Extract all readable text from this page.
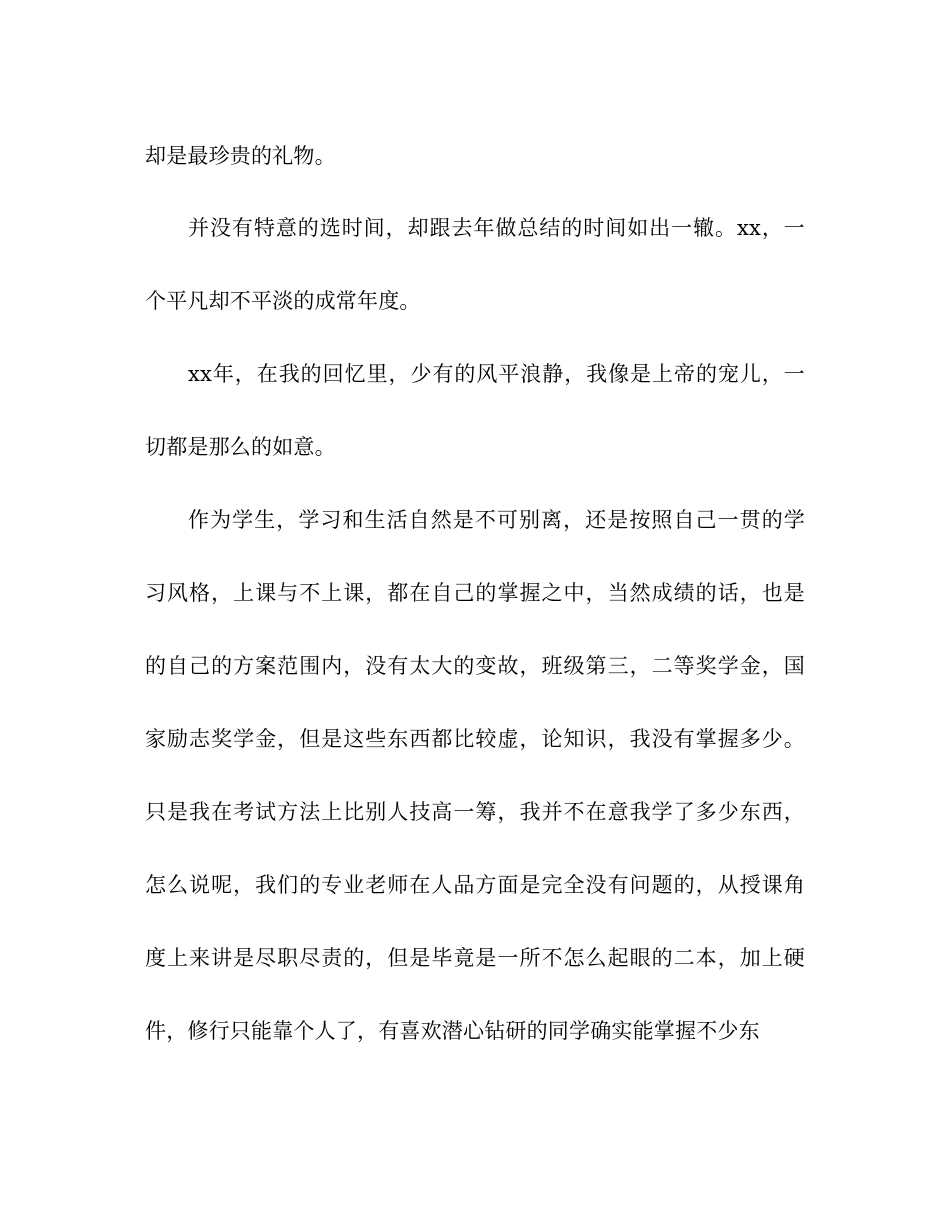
却是最珍贵的礼物。
并没有特意的选时间，却跟去年做总结的时间如出一辙。xx，一
个平凡却不平淡的成常年度。
xx年，在我的回忆里，少有的风平浪静，我像是上帝的宠儿，一
切都是那么的如意。
作为学生，学习和生活自然是不可别离，还是按照自己一贯的学
习风格，上课与不上课，都在自己的掌握之中，当然成绩的话，也是
的自己的方案范围内，没有太大的变故，班级第三，二等奖学金，国
家励志奖学金，但是这些东西都比较虚，论知识，我没有掌握多少。
只是我在考试方法上比别人技高一筹，我并不在意我学了多少东西，
怎么说呢，我们的专业老师在人品方面是完全没有问题的，从授课角
度上来讲是尽职尽责的，但是毕竟是一所不怎么起眼的二本，加上硬
件，修行只能靠个人了，有喜欢潜心钻研的同学确实能掌握不少东
